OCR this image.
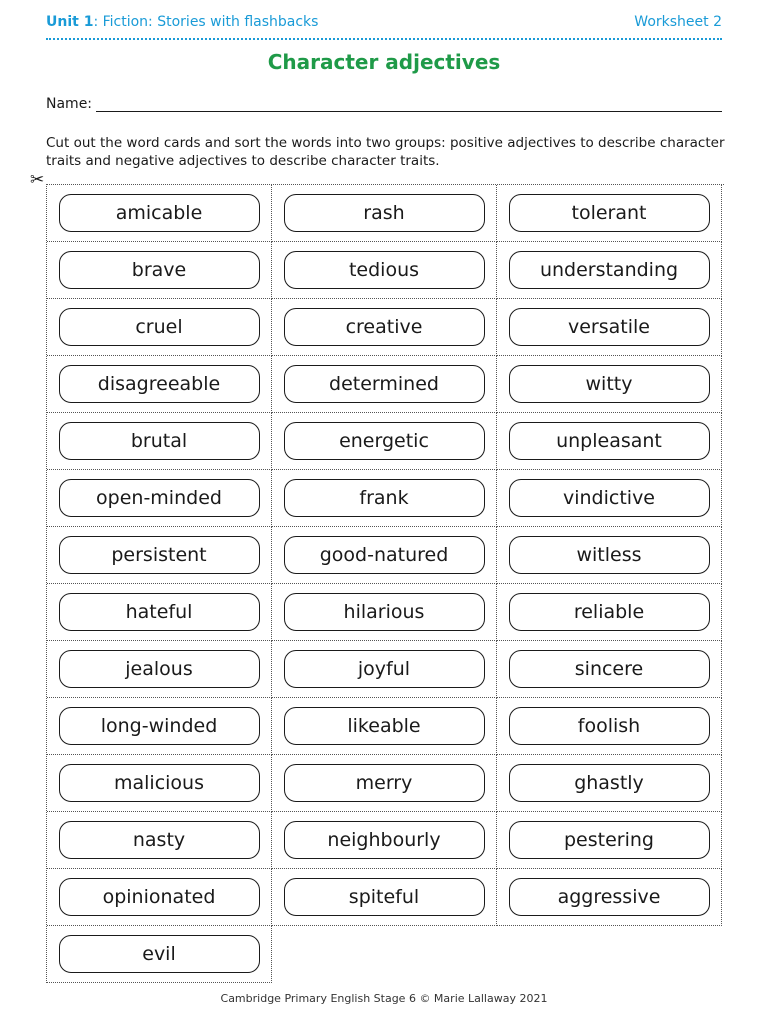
Unit 1: Fiction: Stories with flashbacks	Worksheet 2
Character adjectives
Name:
Cut out the word cards and sort the words into two groups: positive adjectives to describe character traits and negative adjectives to describe character traits.
✂
amicable	rash	tolerant
brave	tedious	understanding
cruel	creative	versatile
disagreeable	determined	witty
brutal	energetic	unpleasant
open-minded	frank	vindictive
persistent	good-natured	witless
hateful	hilarious	reliable
jealous	joyful	sincere
long-winded	likeable	foolish
malicious	merry	ghastly
nasty	neighbourly	pestering
opinionated	spiteful	aggressive
evil
Cambridge Primary English Stage 6 © Marie Lallaway 2021
